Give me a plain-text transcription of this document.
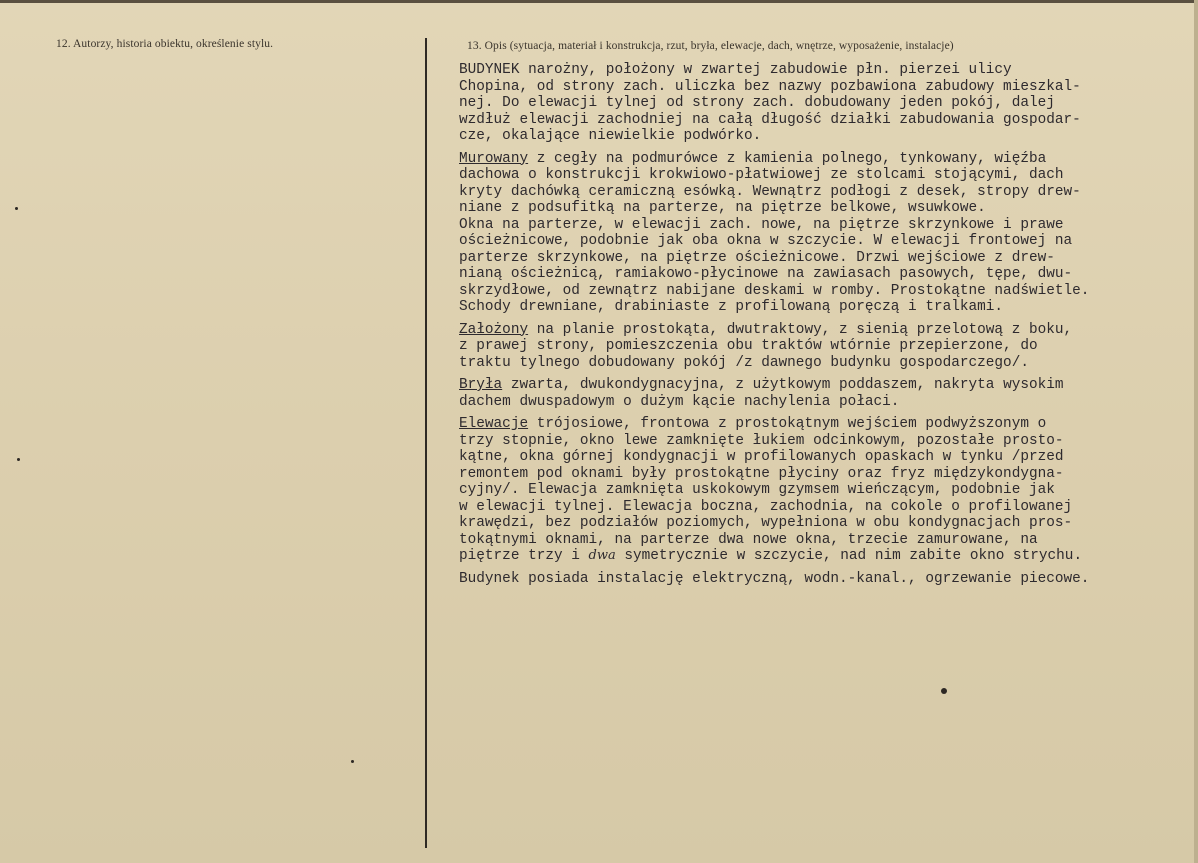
12. Autorzy, historia obiektu, określenie stylu.	13. Opis (sytuacja, materiał i konstrukcja, rzut, bryła, elewacje, dach, wnętrze, wyposażenie, instalacje)
BUDYNEK narożny, położony w zwartej zabudowie płn. pierzei ulicy
Chopina, od strony zach. uliczka bez nazwy pozbawiona zabudowy mieszkal-
nej. Do elewacji tylnej od strony zach. dobudowany jeden pokój, dalej
wzdłuż elewacji zachodniej na całą długość działki zabudowania gospodar-
cze, okalające niewielkie podwórko.
Murowany z cegły na podmurówce z kamienia polnego, tynkowany, więźba
dachowa o konstrukcji krokwiowo-płatwiowej ze stolcami stojącymi, dach
kryty dachówką ceramiczną esówką. Wewnątrz podłogi z desek, stropy drew-
niane z podsufitką na parterze, na piętrze belkowe, wsuwkowe.
Okna na parterze, w elewacji zach. nowe, na piętrze skrzynkowe i prawe
ościeżnicowe, podobnie jak oba okna w szczycie. W elewacji frontowej na
parterze skrzynkowe, na piętrze ościeżnicowe. Drzwi wejściowe z drew-
nianą ościeżnicą, ramiakowo-płycinowe na zawiasach pasowych, tępe, dwu-
skrzydłowe, od zewnątrz nabijane deskami w romby. Prostokątne nadświetle.
Schody drewniane, drabiniaste z profilowaną poręczą i tralkami.
Założony na planie prostokąta, dwutraktowy, z sienią przelotową z boku,
z prawej strony, pomieszczenia obu traktów wtórnie przepierzone, do
traktu tylnego dobudowany pokój /z dawnego budynku gospodarczego/.
Bryła zwarta, dwukondygnacyjna, z użytkowym poddaszem, nakryta wysokim
dachem dwuspadowym o dużym kącie nachylenia połaci.
Elewacje trójosiowe, frontowa z prostokątnym wejściem podwyższonym o
trzy stopnie, okno lewe zamknięte łukiem odcinkowym, pozostałe prosto-
kątne, okna górnej kondygnacji w profilowanych opaskach w tynku /przed
remontem pod oknami były prostokątne płyciny oraz fryz międzykondygna-
cyjny/. Elewacja zamknięta uskokowym gzymsem wieńczącym, podobnie jak
w elewacji tylnej. Elewacja boczna, zachodnia, na cokole o profilowanej
krawędzi, bez podziałów poziomych, wypełniona w obu kondygnacjach pros-
tokątnymi oknami, na parterze dwa nowe okna, trzecie zamurowane, na
piętrze trzy i dwa symetrycznie w szczycie, nad nim zabite okno strychu.
Budynek posiada instalację elektryczną, wodn.-kanal., ogrzewanie piecowe.
